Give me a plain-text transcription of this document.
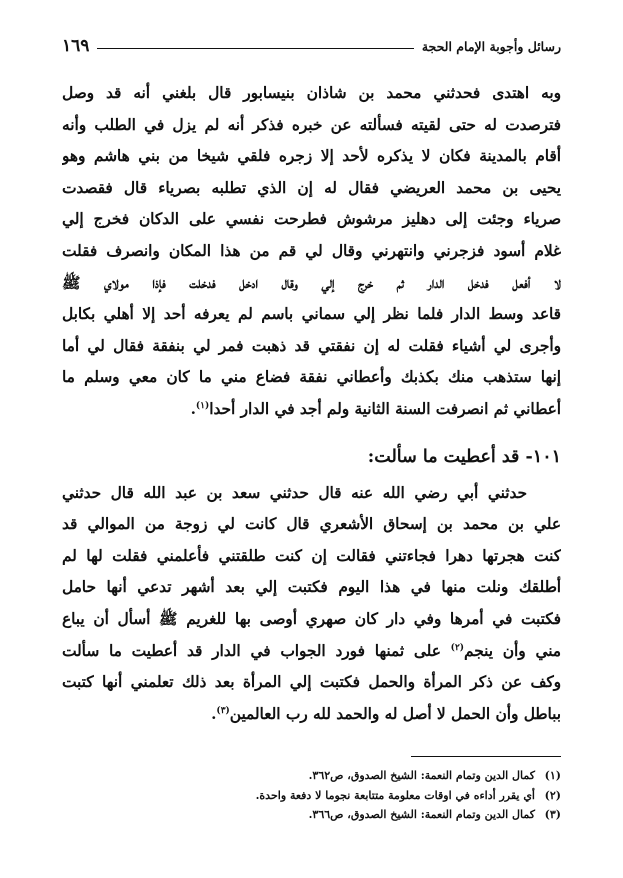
رسائل وأجوبة الإمام الحجة
١٦٩
وبه اهتدى فحدثني محمد بن شاذان بنيسابور قال بلغني أنه قد وصل
فترصدت له حتى لقيته فسألته عن خبره فذكر أنه لم يزل في الطلب وأنه
أقام بالمدينة فكان لا يذكره لأحد إلا زجره فلقي شيخا من بني هاشم وهو
يحيى بن محمد العريضي فقال له إن الذي تطلبه بصرياء قال فقصدت
صرياء وجئت إلى دهليز مرشوش فطرحت نفسي على الدكان فخرج إلي
غلام أسود فزجرني وانتهرني وقال لي قم من هذا المكان وانصرف فقلت
لا أفعل فدخل الدار ثم خرج إلي وقال ادخل فدخلت فإذا مولاي ﷺ
قاعد وسط الدار فلما نظر إلي سماني باسم لم يعرفه أحد إلا أهلي بكابل
وأجرى لي أشياء فقلت له إن نفقتي قد ذهبت فمر لي بنفقة فقال لي أما
إنها ستذهب منك بكذبك وأعطاني نفقة فضاع مني ما كان معي وسلم ما
أعطاني ثم انصرفت السنة الثانية ولم أجد في الدار أحدا$^{(١)}$.
١٠١- قد أعطيت ما سألت:
حدثني أبي رضي الله عنه قال حدثني سعد بن عبد الله قال حدثني
علي بن محمد بن إسحاق الأشعري قال كانت لي زوجة من الموالي قد
كنت هجرتها دهرا فجاءتني فقالت إن كنت طلقتني فأعلمني فقلت لها لم
أطلقك ونلت منها في هذا اليوم فكتبت إلي بعد أشهر تدعي أنها حامل
فكتبت في أمرها وفي دار كان صهري أوصى بها للغريم ﷺ أسأل أن يباع
مني وأن ينجم$^{(٢)}$ على ثمنها فورد الجواب في الدار قد أعطيت ما سألت
وكف عن ذكر المرأة والحمل فكتبت إلي المرأة بعد ذلك تعلمني أنها كتبت
بباطل وأن الحمل لا أصل له والحمد لله رب العالمين$^{(٣)}$.
(١)كمال الدين وتمام النعمة: الشيخ الصدوق، ص٣٦٢.
(٢)أي يقرر أداءه في اوقات معلومة متتابعة نجوما لا دفعة واحدة.
(٣)كمال الدين وتمام النعمة: الشيخ الصدوق، ص٣٦٦.
